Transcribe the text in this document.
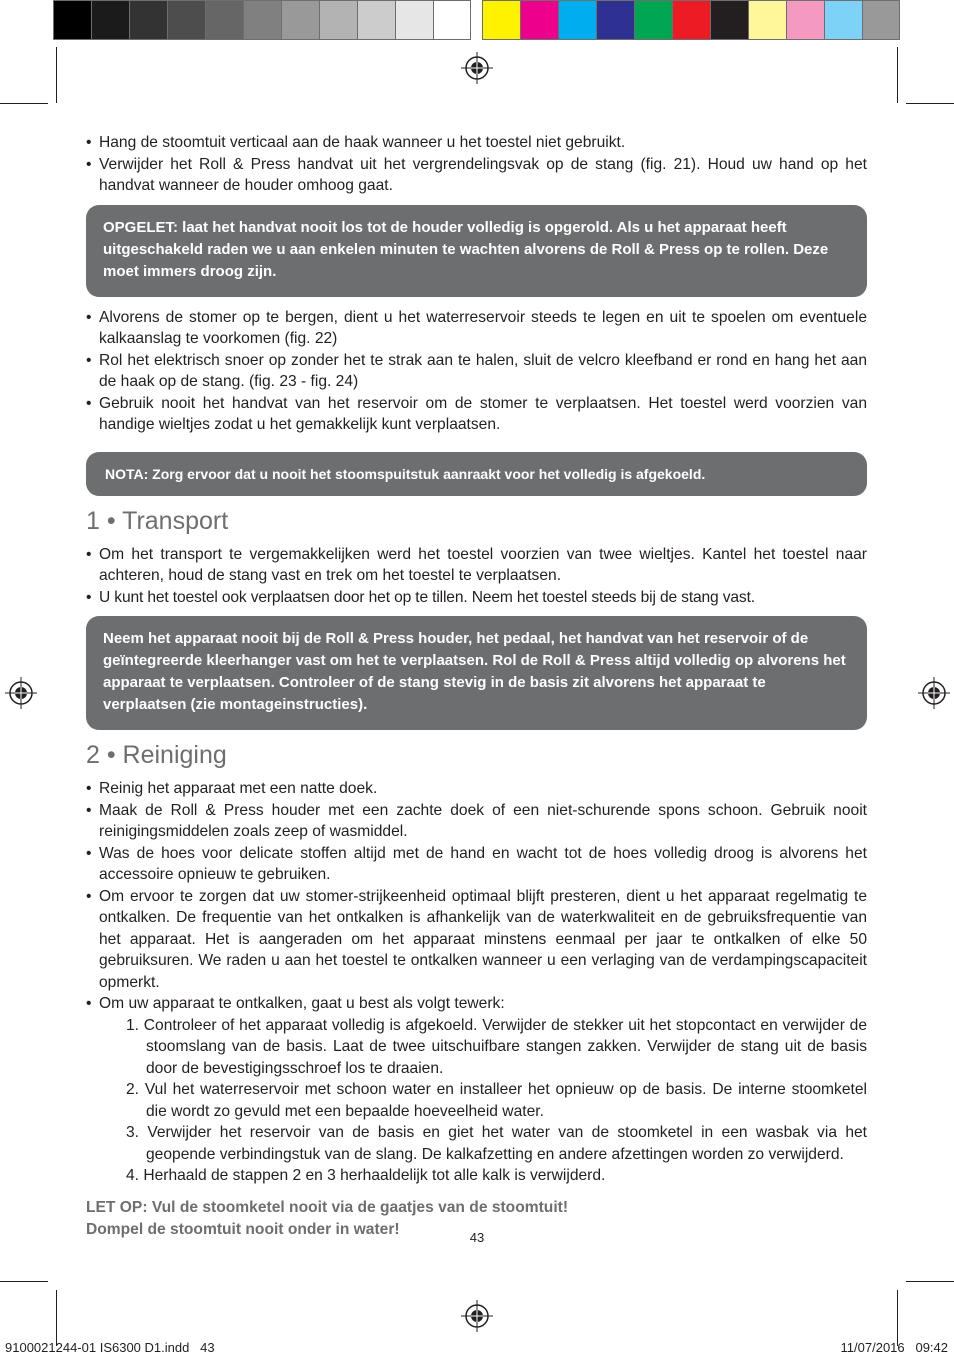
• Hang de stoomtuit verticaal aan de haak wanneer u het toestel niet gebruikt.

• Verwijder het Roll & Press handvat uit het vergrendelingsvak op de stang (fig. 21). Houd uw hand op het handvat wanneer de houder omhoog gaat.

OPGELET: laat het handvat nooit los tot de houder volledig is opgerold. Als u het apparaat heeft uitgeschakeld raden we u aan enkelen minuten te wachten alvorens de Roll & Press op te rollen. Deze moet immers droog zijn.

• Alvorens de stomer op te bergen, dient u het waterreservoir steeds te legen en uit te spoelen om eventuele kalkaanslag te voorkomen (fig. 22)

• Rol het elektrisch snoer op zonder het te strak aan te halen, sluit de velcro kleefband er rond en hang het aan de haak op de stang. (fig. 23 - fig. 24)

• Gebruik nooit het handvat van het reservoir om de stomer te verplaatsen. Het toestel werd voorzien van handige wieltjes zodat u het gemakkelijk kunt verplaatsen.

NOTA: Zorg ervoor dat u nooit het stoomspuitstuk aanraakt voor het volledig is afgekoeld.
1 • Transport

• Om het transport te vergemakkelijken werd het toestel voorzien van twee wieltjes. Kantel het toestel naar achteren, houd de stang vast en trek om het toestel te verplaatsen.

• U kunt het toestel ook verplaatsen door het op te tillen. Neem het toestel steeds bij de stang vast.

Neem het apparaat nooit bij de Roll & Press houder, het pedaal, het handvat van het reservoir of de geïntegreerde kleerhanger vast om het te verplaatsen. Rol de Roll & Press altijd volledig op alvorens het apparaat te verplaatsen. Controleer of de stang stevig in de basis zit alvorens het apparaat te verplaatsen (zie montageinstructies).
2 • Reiniging

• Reinig het apparaat met een natte doek.

• Maak de Roll & Press houder met een zachte doek of een niet-schurende spons schoon. Gebruik nooit reinigingsmiddelen zoals zeep of wasmiddel.

• Was de hoes voor delicate stoffen altijd met de hand en wacht tot de hoes volledig droog is alvorens het accessoire opnieuw te gebruiken.

• Om ervoor te zorgen dat uw stomer-strijkeenheid optimaal blijft presteren, dient u het apparaat regelmatig te ontkalken. De frequentie van het ontkalken is afhankelijk van de waterkwaliteit en de gebruiksfrequentie van het apparaat. Het is aangeraden om het apparaat minstens eenmaal per jaar te ontkalken of elke 50 gebruiksuren. We raden u aan het toestel te ontkalken wanneer u een verlaging van de verdampingscapaciteit opmerkt.

• Om uw apparaat te ontkalken, gaat u best als volgt tewerk:

1. Controleer of het apparaat volledig is afgekoeld. Verwijder de stekker uit het stopcontact en verwijder de stoomslang van de basis. Laat de twee uitschuifbare stangen zakken. Verwijder de stang uit de basis door de bevestigingsschroef los te draaien.

2. Vul het waterreservoir met schoon water en installeer het opnieuw op de basis. De interne stoomketel die wordt zo gevuld met een bepaalde hoeveelheid water.

3. Verwijder het reservoir van de basis en giet het water van de stoomketel in een wasbak via het geopende verbindingstuk van de slang. De kalkafzetting en andere afzettingen worden zo verwijderd.

4. Herhaald de stappen 2 en 3 herhaaldelijk tot alle kalk is verwijderd.

LET OP: Vul de stoomketel nooit via de gaatjes van de stoomtuit!
Dompel de stoomtuit nooit onder in water!	43
9100021244-01 IS6300 D1.indd   43	11/07/2016   09:42
